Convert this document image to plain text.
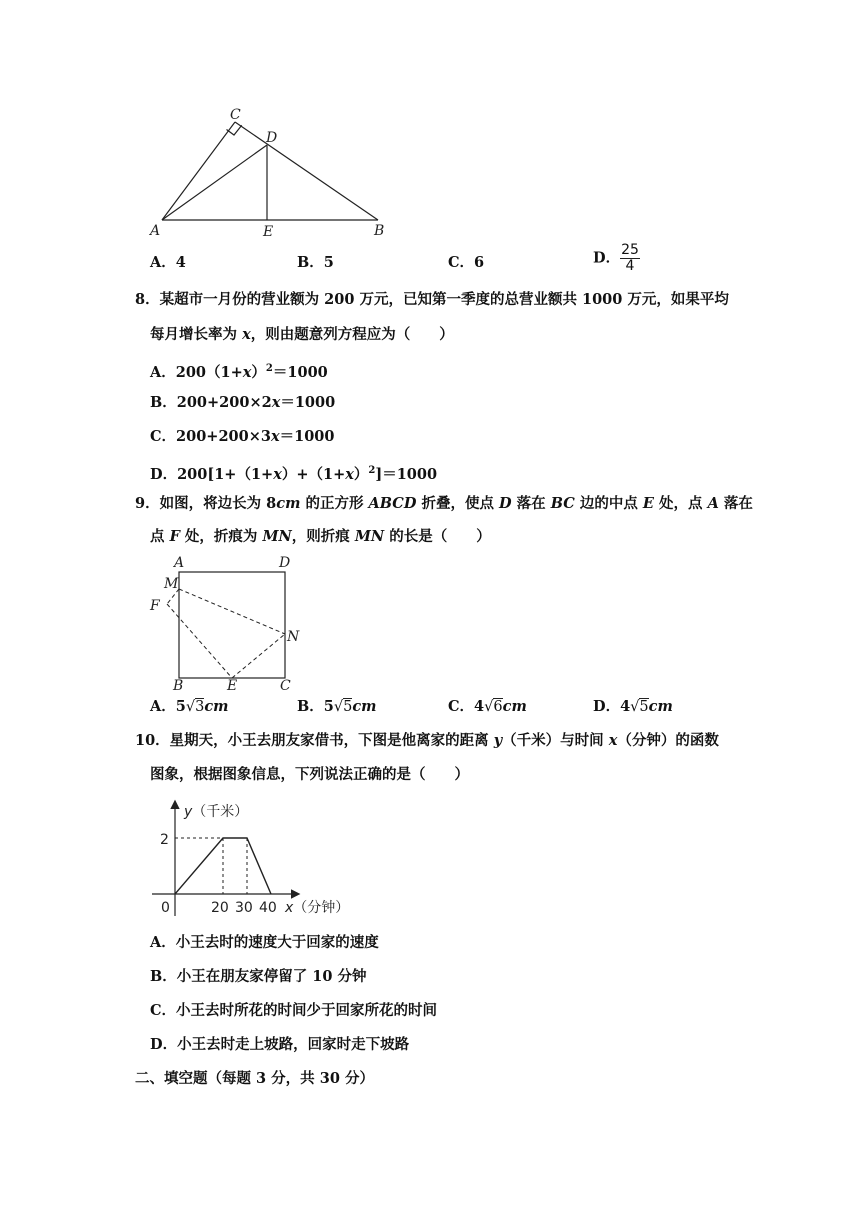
C
D
A	E	B
A．4	B．5	C．6	D． $\frac{25}{4}$
8．某超市一月份的营业额为 200 万元，已知第一季度的总营业额共 1000 万元，如果平均
每月增长率为 x，则由题意列方程应为（　　）
A．$200(1+x)^2=1000$
B．200+200×2x＝1000
C．200+200×3x＝1000
D．$200[1+(1+x)+(1+x)^2]=1000$
9．如图，将边长为 8cm 的正方形 ABCD 折叠，使点 D 落在 BC 边的中点 E 处，点 A 落在
点 F 处，折痕为 MN，则折痕 MN 的长是（　　）
A	D
M
F
N
B	E	C
A．5√3cm	B．5√5cm	C．4√6cm	D．4√5cm
10．星期天，小王去朋友家借书，下图是他离家的距离 y（千米）与时间 x（分钟）的函数
图象，根据图象信息，下列说法正确的是（　　）
y（千米）
x（分钟）
0
2
20 30 40
A．小王去时的速度大于回家的速度
B．小王在朋友家停留了 10 分钟
C．小王去时所花的时间少于回家所花的时间
D．小王去时走上坡路，回家时走下坡路
二、填空题（每题 3 分，共 30 分）
